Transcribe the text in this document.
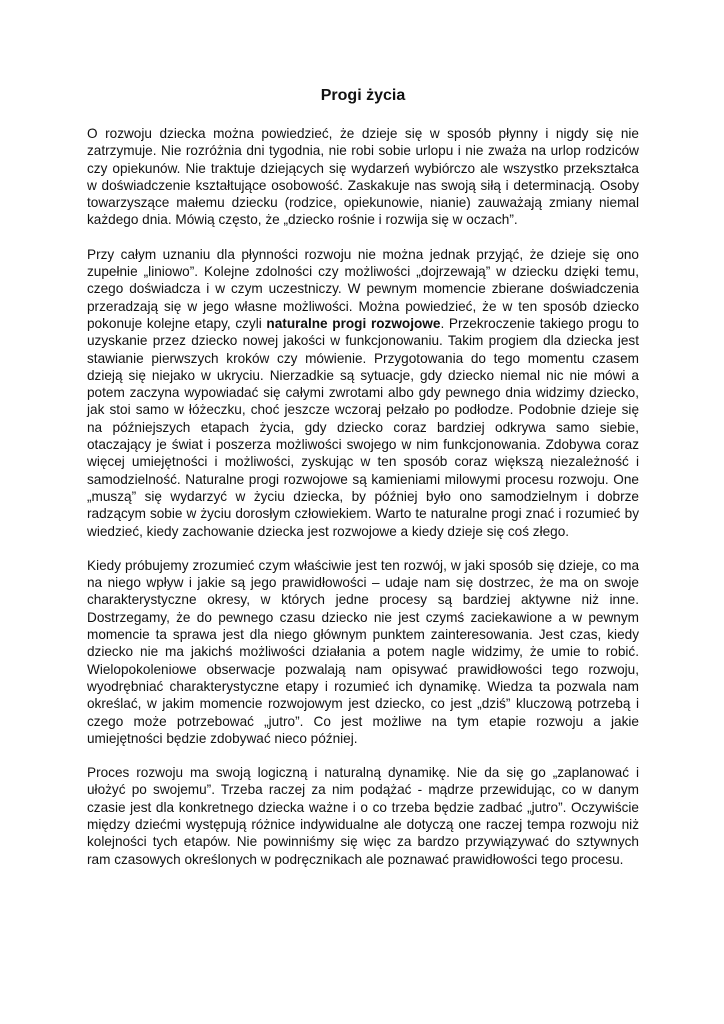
Progi życia

O rozwoju dziecka można powiedzieć, że dzieje się w sposób płynny i nigdy się nie zatrzymuje. Nie rozróżnia dni tygodnia, nie robi sobie urlopu i nie zważa na urlop rodziców czy opiekunów. Nie traktuje dziejących się wydarzeń wybiórczo ale wszystko przekształca w doświadczenie kształtujące osobowość. Zaskakuje nas swoją siłą i determinacją. Osoby towarzyszące małemu dziecku (rodzice, opiekunowie, nianie) zauważają zmiany niemal każdego dnia. Mówią często, że „dziecko rośnie i rozwija się w oczach”.

Przy całym uznaniu dla płynności rozwoju nie można jednak przyjąć, że dzieje się ono zupełnie „liniowo”. Kolejne zdolności czy możliwości „dojrzewają” w dziecku dzięki temu, czego doświadcza i w czym uczestniczy. W pewnym momencie zbierane doświadczenia przeradzają się w jego własne możliwości. Można powiedzieć, że w ten sposób dziecko pokonuje kolejne etapy, czyli naturalne progi rozwojowe. Przekroczenie takiego progu to uzyskanie przez dziecko nowej jakości w funkcjonowaniu. Takim progiem dla dziecka jest stawianie pierwszych kroków czy mówienie. Przygotowania do tego momentu czasem dzieją się niejako w ukryciu. Nierzadkie są sytuacje, gdy dziecko niemal nic nie mówi a potem zaczyna wypowiadać się całymi zwrotami albo gdy pewnego dnia widzimy dziecko, jak stoi samo w łóżeczku, choć jeszcze wczoraj pełzało po podłodze. Podobnie dzieje się na późniejszych etapach życia, gdy dziecko coraz bardziej odkrywa samo siebie, otaczający je świat i poszerza możliwości swojego w nim funkcjonowania. Zdobywa coraz więcej umiejętności i możliwości, zyskując w ten sposób coraz większą niezależność i samodzielność. Naturalne progi rozwojowe są kamieniami milowymi procesu rozwoju. One „muszą” się wydarzyć w życiu dziecka, by później było ono samodzielnym i dobrze radzącym sobie w życiu dorosłym człowiekiem. Warto te naturalne progi znać i rozumieć by wiedzieć, kiedy zachowanie dziecka jest rozwojowe a kiedy dzieje się coś złego.

Kiedy próbujemy zrozumieć czym właściwie jest ten rozwój, w jaki sposób się dzieje, co ma na niego wpływ i jakie są jego prawidłowości – udaje nam się dostrzec, że ma on swoje charakterystyczne okresy, w których jedne procesy są bardziej aktywne niż inne. Dostrzegamy, że do pewnego czasu dziecko nie jest czymś zaciekawione a w pewnym momencie ta sprawa jest dla niego głównym punktem zainteresowania. Jest czas, kiedy dziecko nie ma jakichś możliwości działania a potem nagle widzimy, że umie to robić. Wielopokoleniowe obserwacje pozwalają nam opisywać prawidłowości tego rozwoju, wyodrębniać charakterystyczne etapy i rozumieć ich dynamikę. Wiedza ta pozwala nam określać, w jakim momencie rozwojowym jest dziecko, co jest „dziś” kluczową potrzebą i czego może potrzebować „jutro”. Co jest możliwe na tym etapie rozwoju a jakie umiejętności będzie zdobywać nieco później.

Proces rozwoju ma swoją logiczną i naturalną dynamikę. Nie da się go „zaplanować i ułożyć po swojemu”. Trzeba raczej za nim podążać - mądrze przewidując, co w danym czasie jest dla konkretnego dziecka ważne i o co trzeba będzie zadbać „jutro”. Oczywiście między dziećmi występują różnice indywidualne ale dotyczą one raczej tempa rozwoju niż kolejności tych etapów. Nie powinniśmy się więc za bardzo przywiązywać do sztywnych ram czasowych określonych w podręcznikach ale poznawać prawidłowości tego procesu.
